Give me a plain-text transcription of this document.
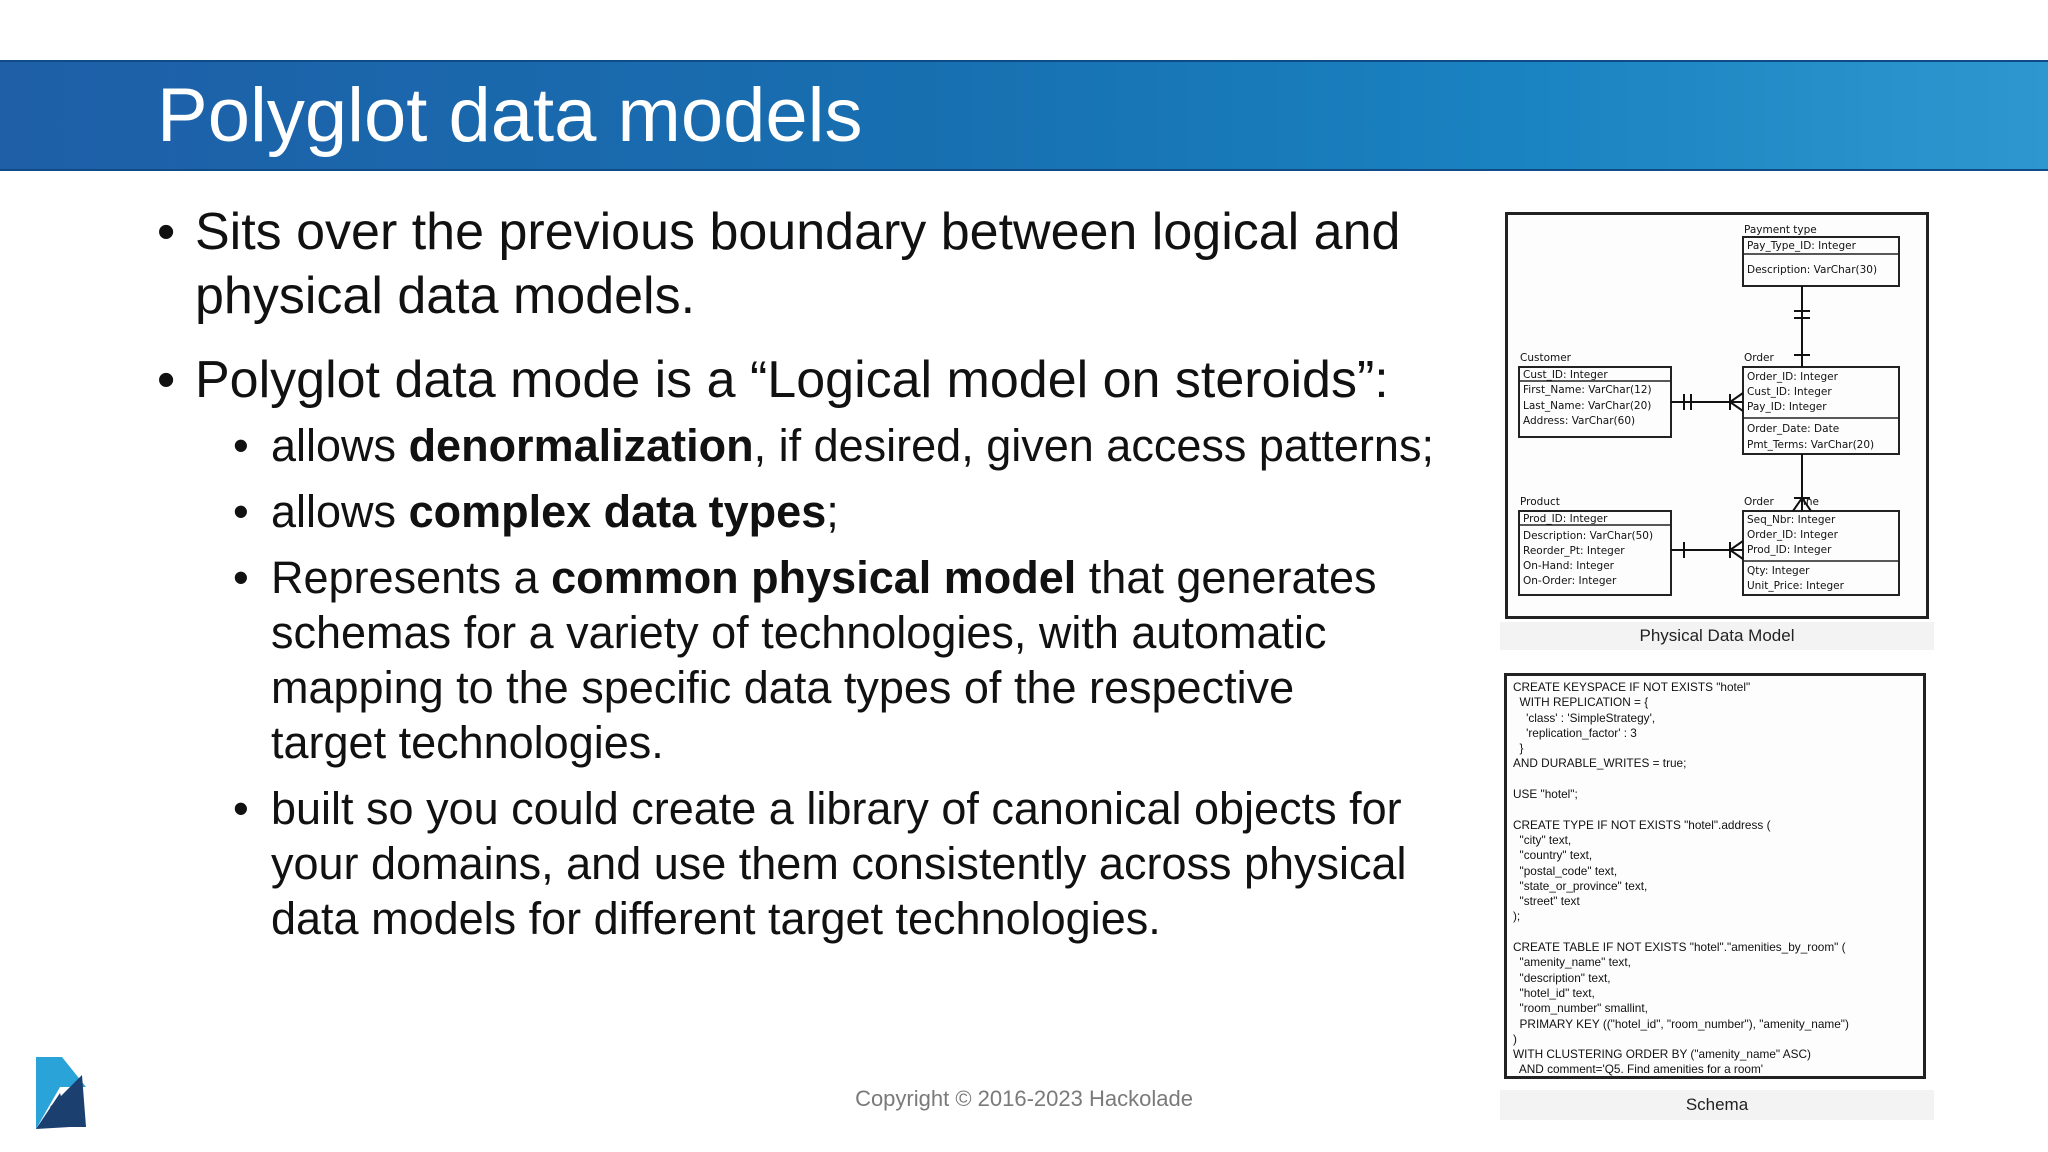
Polyglot data models

• Sits over the previous boundary between logical and physical data models.

• Polyglot data mode is a “Logical model on steroids”:

• allows denormalization, if desired, given access patterns;

• allows complex data types;

• Represents a common physical model that generates schemas for a variety of technologies, with automatic mapping to the specific data types of the respective target technologies.

• built so you could create a library of canonical objects for your domains, and use them consistently across physical data models for different target technologies.

Payment type
Pay_Type_ID: Integer
Description: VarChar(30)
Customer
Cust_ID: Integer
First_Name: VarChar(12)
Last_Name: VarChar(20)
Address: VarChar(60)
Order
Order_ID: Integer
Cust_ID: Integer
Pay_ID: Integer
Order_Date: Date
Pmt_Terms: VarChar(20)
Product
Prod_ID: Integer
Description: VarChar(50)
Reorder_Pt: Integer
On-Hand: Integer
On-Order: Integer
Order line
Seq_Nbr: Integer
Order_ID: Integer
Prod_ID: Integer
Qty: Integer
Unit_Price: Integer
Physical Data Model
CREATE KEYSPACE IF NOT EXISTS "hotel"
WITH REPLICATION = {
'class' : 'SimpleStrategy',
'replication_factor' : 3
}
AND DURABLE_WRITES = true;

USE "hotel";

CREATE TYPE IF NOT EXISTS "hotel".address (
"city" text,
"country" text,
"postal_code" text,
"state_or_province" text,
"street" text
);

CREATE TABLE IF NOT EXISTS "hotel"."amenities_by_room" (
"amenity_name" text,
"description" text,
"hotel_id" text,
"room_number" smallint,
PRIMARY KEY (("hotel_id", "room_number"), "amenity_name")
)
WITH CLUSTERING ORDER BY ("amenity_name" ASC)
AND comment='Q5. Find amenities for a room'
Schema
Copyright © 2016-2023 Hackolade
